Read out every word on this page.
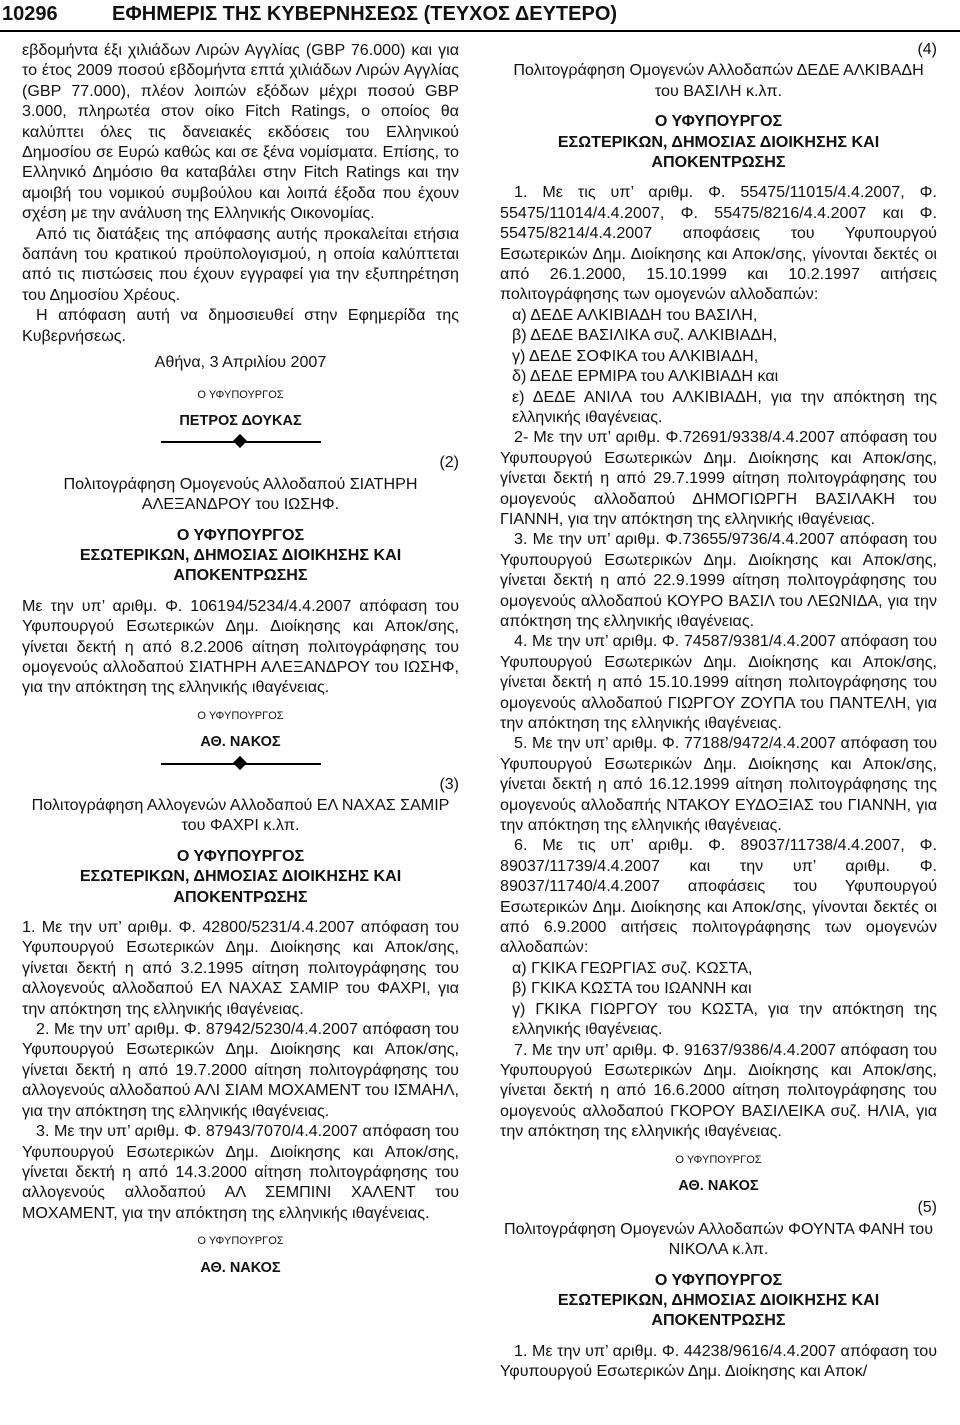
10296	ΕΦΗΜΕΡΙΣ ΤΗΣ ΚΥΒΕΡΝΗΣΕΩΣ (ΤΕΥΧΟΣ ΔΕΥΤΕΡΟ)

εβδομήντα έξι χιλιάδων Λιρών Αγγλίας (GBP 76.000) και για το έτος 2009 ποσού εβδομήντα επτά χιλιάδων Λιρών Αγγλίας (GBP 77.000), πλέον λοιπών εξόδων μέχρι ποσού GBP 3.000, πληρωτέα στον οίκο Fitch Ratings, ο οποίος θα καλύπτει όλες τις δανειακές εκδόσεις του Ελληνικού Δημοσίου σε Ευρώ καθώς και σε ξένα νομίσματα. Επίσης, το Ελληνικό Δημόσιο θα καταβάλει στην Fitch Ratings και την αμοιβή του νομικού συμβούλου και λοιπά έξοδα που έχουν σχέση με την ανάλυση της Ελληνικής Οικονομίας.

Από τις διατάξεις της απόφασης αυτής προκαλείται ετήσια δαπάνη του κρατικού προϋπολογισμού, η οποία καλύπτεται από τις πιστώσεις που έχουν εγγραφεί για την εξυπηρέτηση του Δημοσίου Χρέους.

Η απόφαση αυτή να δημοσιευθεί στην Εφημερίδα της Κυβερνήσεως.

Αθήνα, 3 Απριλίου 2007
Ο ΥΦΥΠΟΥΡΓΟΣ
ΠΕΤΡΟΣ ΔΟΥΚΑΣ
(2)
Πολιτογράφηση Ομογενούς Αλλοδαπού ΣΙΑΤΗΡΗ ΑΛΕΞΑΝΔΡΟΥ του ΙΩΣΗΦ.
Ο ΥΦΥΠΟΥΡΓΟΣ
ΕΣΩΤΕΡΙΚΩΝ, ΔΗΜΟΣΙΑΣ ΔΙΟΙΚΗΣΗΣ ΚΑΙ ΑΠΟΚΕΝΤΡΩΣΗΣ

Με την υπ’ αριθμ. Φ. 106194/5234/4.4.2007 απόφαση του Υφυπουργού Εσωτερικών Δημ. Διοίκησης και Αποκ/σης, γίνεται δεκτή η από 8.2.2006 αίτηση πολιτογράφησης του ομογενούς αλλοδαπού ΣΙΑΤΗΡΗ ΑΛΕΞΑΝΔΡΟΥ του ΙΩΣΗΦ, για την απόκτηση της ελληνικής ιθαγένειας.

Ο ΥΦΥΠΟΥΡΓΟΣ
ΑΘ. ΝΑΚΟΣ
(3)
Πολιτογράφηση Αλλογενών Αλλοδαπού ΕΛ ΝΑΧΑΣ ΣΑΜΙΡ του ΦΑΧΡΙ κ.λπ.
Ο ΥΦΥΠΟΥΡΓΟΣ
ΕΣΩΤΕΡΙΚΩΝ, ΔΗΜΟΣΙΑΣ ΔΙΟΙΚΗΣΗΣ ΚΑΙ ΑΠΟΚΕΝΤΡΩΣΗΣ

1. Με την υπ’ αριθμ. Φ. 42800/5231/4.4.2007 απόφαση του Υφυπουργού Εσωτερικών Δημ. Διοίκησης και Αποκ/σης, γίνεται δεκτή η από 3.2.1995 αίτηση πολιτογράφησης του αλλογενούς αλλοδαπού ΕΛ ΝΑΧΑΣ ΣΑΜΙΡ του ΦΑΧΡΙ, για την απόκτηση της ελληνικής ιθαγένειας.

2. Με την υπ’ αριθμ. Φ. 87942/5230/4.4.2007 απόφαση του Υφυπουργού Εσωτερικών Δημ. Διοίκησης και Αποκ/σης, γίνεται δεκτή η από 19.7.2000 αίτηση πολιτογράφησης του αλλογενούς αλλοδαπού ΑΛΙ ΣΙΑΜ ΜΟΧΑΜΕΝΤ του ΙΣΜΑΗΛ, για την απόκτηση της ελληνικής ιθαγένειας.

3. Με την υπ’ αριθμ. Φ. 87943/7070/4.4.2007 απόφαση του Υφυπουργού Εσωτερικών Δημ. Διοίκησης και Αποκ/σης, γίνεται δεκτή η από 14.3.2000 αίτηση πολιτογράφησης του αλλογενούς αλλοδαπού ΑΛ ΣΕΜΠΙΝΙ ΧΑΛΕΝΤ του ΜΟΧΑΜΕΝΤ, για την απόκτηση της ελληνικής ιθαγένειας.

Ο ΥΦΥΠΟΥΡΓΟΣ
ΑΘ. ΝΑΚΟΣ
(4)
Πολιτογράφηση Ομογενών Αλλοδαπών ΔΕΔΕ ΑΛΚΙΒΑΔΗ του ΒΑΣΙΛΗ κ.λπ.
Ο ΥΦΥΠΟΥΡΓΟΣ
ΕΣΩΤΕΡΙΚΩΝ, ΔΗΜΟΣΙΑΣ ΔΙΟΙΚΗΣΗΣ ΚΑΙ ΑΠΟΚΕΝΤΡΩΣΗΣ

1. Με τις υπ’ αριθμ. Φ. 55475/11015/4.4.2007, Φ. 55475/11014/4.4.2007, Φ. 55475/8216/4.4.2007 και Φ. 55475/8214/4.4.2007 αποφάσεις του Υφυπουργού Εσωτερικών Δημ. Διοίκησης και Αποκ/σης, γίνονται δεκτές οι από 26.1.2000, 15.10.1999 και 10.2.1997 αιτήσεις πολιτογράφησης των ομογενών αλλοδαπών:

α) ΔΕΔΕ ΑΛΚΙΒΙΑΔΗ του ΒΑΣΙΛΗ,

β) ΔΕΔΕ ΒΑΣΙΛΙΚΑ συζ. ΑΛΚΙΒΙΑΔΗ,

γ) ΔΕΔΕ ΣΟΦΙΚΑ του ΑΛΚΙΒΙΑΔΗ,

δ) ΔΕΔΕ ΕΡΜΙΡΑ του ΑΛΚΙΒΙΑΔΗ και

ε) ΔΕΔΕ ΑΝΙΛΑ του ΑΛΚΙΒΙΑΔΗ, για την απόκτηση της ελληνικής ιθαγένειας.

2- Με την υπ’ αριθμ. Φ.72691/9338/4.4.2007 απόφαση του Υφυπουργού Εσωτερικών Δημ. Διοίκησης και Αποκ/σης, γίνεται δεκτή η από 29.7.1999 αίτηση πολιτογράφησης του ομογενούς αλλοδαπού ΔΗΜΟΓΙΩΡΓΗ ΒΑΣΙΛΑΚΗ του ΓΙΑΝΝΗ, για την απόκτηση της ελληνικής ιθαγένειας.

3. Με την υπ’ αριθμ. Φ.73655/9736/4.4.2007 απόφαση του Υφυπουργού Εσωτερικών Δημ. Διοίκησης και Αποκ/σης, γίνεται δεκτή η από 22.9.1999 αίτηση πολιτογράφησης του ομογενούς αλλοδαπού ΚΟΥΡΟ ΒΑΣΙΛ του ΛΕΩΝΙΔΑ, για την απόκτηση της ελληνικής ιθαγένειας.

4. Με την υπ’ αριθμ. Φ. 74587/9381/4.4.2007 απόφαση του Υφυπουργού Εσωτερικών Δημ. Διοίκησης και Αποκ/σης, γίνεται δεκτή η από 15.10.1999 αίτηση πολιτογράφησης του ομογενούς αλλοδαπού ΓΙΩΡΓΟΥ ΖΟΥΠΑ του ΠΑΝΤΕΛΗ, για την απόκτηση της ελληνικής ιθαγένειας.

5. Με την υπ’ αριθμ. Φ. 77188/9472/4.4.2007 απόφαση του Υφυπουργού Εσωτερικών Δημ. Διοίκησης και Αποκ/σης, γίνεται δεκτή η από 16.12.1999 αίτηση πολιτογράφησης της ομογενούς αλλοδαπής ΝΤΑΚΟΥ ΕΥΔΟΞΙΑΣ του ΓΙΑΝΝΗ, για την απόκτηση της ελληνικής ιθαγένειας.

6. Με τις υπ’ αριθμ. Φ. 89037/11738/4.4.2007, Φ. 89037/11739/4.4.2007 και την υπ’ αριθμ. Φ. 89037/11740/4.4.2007 αποφάσεις του Υφυπουργού Εσωτερικών Δημ. Διοίκησης και Αποκ/σης, γίνονται δεκτές οι από 6.9.2000 αιτήσεις πολιτογράφησης των ομογενών αλλοδαπών:

α) ΓΚΙΚΑ ΓΕΩΡΓΙΑΣ συζ. ΚΩΣΤΑ,

β) ΓΚΙΚΑ ΚΩΣΤΑ του ΙΩΑΝΝΗ και

γ) ΓΚΙΚΑ ΓΙΩΡΓΟΥ του ΚΩΣΤΑ, για την απόκτηση της ελληνικής ιθαγένειας.

7. Με την υπ’ αριθμ. Φ. 91637/9386/4.4.2007 απόφαση του Υφυπουργού Εσωτερικών Δημ. Διοίκησης και Αποκ/σης, γίνεται δεκτή η από 16.6.2000 αίτηση πολιτογράφησης του ομογενούς αλλοδαπού ΓΚΟΡΟΥ ΒΑΣΙΛΕΙΚΑ συζ. ΗΛΙΑ, για την απόκτηση της ελληνικής ιθαγένειας.

Ο ΥΦΥΠΟΥΡΓΟΣ
ΑΘ. ΝΑΚΟΣ
(5)
Πολιτογράφηση Ομογενών Αλλοδαπών ΦΟΥΝΤΑ ΦΑΝΗ του ΝΙΚΟΛΑ κ.λπ.
Ο ΥΦΥΠΟΥΡΓΟΣ
ΕΣΩΤΕΡΙΚΩΝ, ΔΗΜΟΣΙΑΣ ΔΙΟΙΚΗΣΗΣ ΚΑΙ ΑΠΟΚΕΝΤΡΩΣΗΣ

1. Με την υπ’ αριθμ. Φ. 44238/9616/4.4.2007 απόφαση του Υφυπουργού Εσωτερικών Δημ. Διοίκησης και Αποκ/
